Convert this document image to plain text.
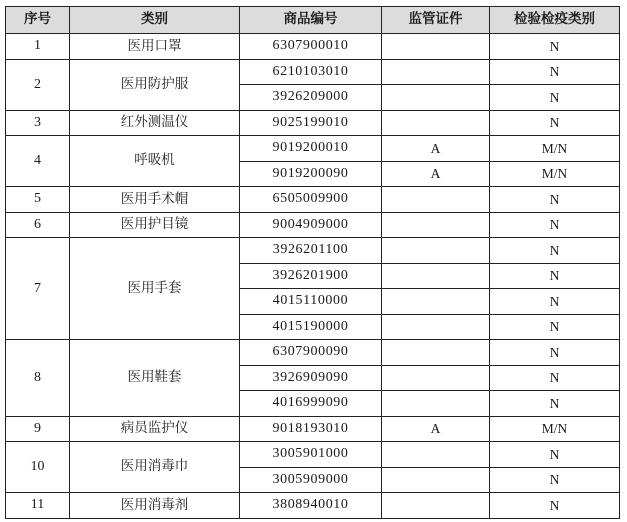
序号	类别	商品编号	监管证件	检验检疫类别
1	医用口罩	6307900010		N
2	医用防护服	6210103010		N
		3926209000		N
3	红外测温仪	9025199010		N
4	呼吸机	9019200010	A	M/N
		9019200090	A	M/N
5	医用手术帽	6505009900		N
6	医用护目镜	9004909000		N
7	医用手套	3926201100		N
		3926201900		N
		4015110000		N
		4015190000		N
8	医用鞋套	6307900090		N
		3926909090		N
		4016999090		N
9	病员监护仪	9018193010	A	M/N
10	医用消毒巾	3005901000		N
		3005909000		N
11	医用消毒剂	3808940010		N
